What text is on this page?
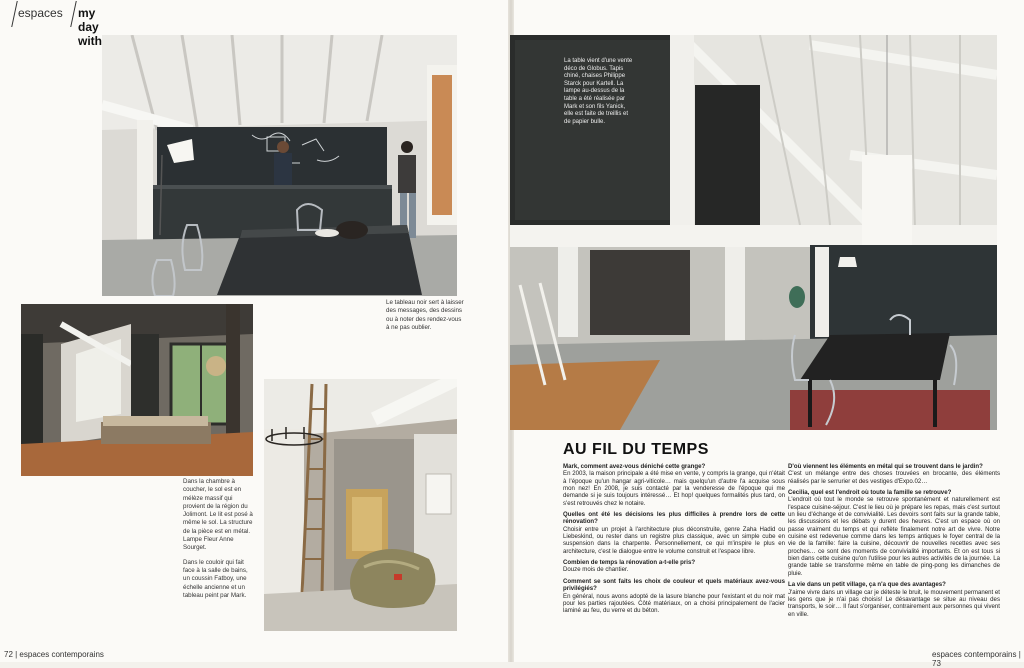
espaces my day with
Le tableau noir sert à laisser des messages, des dessins ou à noter des rendez-vous à ne pas oublier.

Dans la chambre à coucher, le sol est en mélèze massif qui provient de la région du Jolimont. Le lit est posé à même le sol. La structure de la pièce est en métal. Lampe Fleur Anne Sourget.

Dans le couloir qui fait face à la salle de bains, un coussin Fatboy, une échelle ancienne et un tableau peint par Mark.

La table vient d'une vente déco de Globus. Tapis chiné, chaises Philippe Starck pour Kartell. La lampe au-dessus de la table a été réalisée par Mark et son fils Yanick, elle est faite de treillis et de papier bulle.
AU FIL DU TEMPS

Mark, comment avez-vous déniché cette grange?

En 2003, la maison principale a été mise en vente, y compris la grange, qui n'était à l'époque qu'un hangar agri-viticole… mais quelqu'un d'autre l'a acquise sous mon nez! En 2008, je suis contacté par la venderesse de l'époque qui me demande si je suis toujours intéressé… Et hop! quelques formalités plus tard, on s'est retrouvés chez le notaire.

Quelles ont été les décisions les plus difficiles à prendre lors de cette rénovation?

Choisir entre un projet à l'architecture plus déconstruite, genre Zaha Hadid ou Liebeskind, ou rester dans un registre plus classique, avec un simple cube en suspension dans la charpente. Personnellement, ce qui m'inspire le plus en architecture, c'est le dialogue entre le volume construit et l'espace libre.

Combien de temps la rénovation a-t-elle pris?

Douze mois de chantier.

Comment se sont faits les choix de couleur et quels matériaux avez-vous privilégiés?

En général, nous avons adopté de la lasure blanche pour l'existant et du noir mat pour les parties rajoutées. Côté matériaux, on a choisi principalement de l'acier laminé au feu, du verre et du béton.

D'où viennent les éléments en métal qui se trouvent dans le jardin?

C'est un mélange entre des choses trouvées en brocante, des éléments réalisés par le serrurier et des vestiges d'Expo.02…

Cecilia, quel est l'endroit où toute la famille se retrouve?

L'endroit où tout le monde se retrouve spontanément et naturellement est l'espace cuisine-séjour. C'est le lieu où je prépare les repas, mais c'est surtout un lieu d'échange et de convivialité. Les devoirs sont faits sur la grande table, les discussions et les débats y durent des heures. C'est un espace où on passe vraiment du temps et qui reflète finalement notre art de vivre. Notre cuisine est redevenue comme dans les temps antiques le foyer central de la vie de la famille: faire la cuisine, découvrir de nouvelles recettes avec ses proches… ce sont des moments de convivialité importants. Et on est tous si bien dans cette cuisine qu'on l'utilise pour les autres activités de la journée. La grande table se transforme même en table de ping-pong les dimanches de pluie.

La vie dans un petit village, ça n'a que des avantages?

J'aime vivre dans un village car je déteste le bruit, le mouvement permanent et les gens que je n'ai pas choisis! Le désavantage se situe au niveau des transports, le soir… Il faut s'organiser, contrairement aux personnes qui vivent en ville.

72 | espaces contemporains	espaces contemporains | 73
